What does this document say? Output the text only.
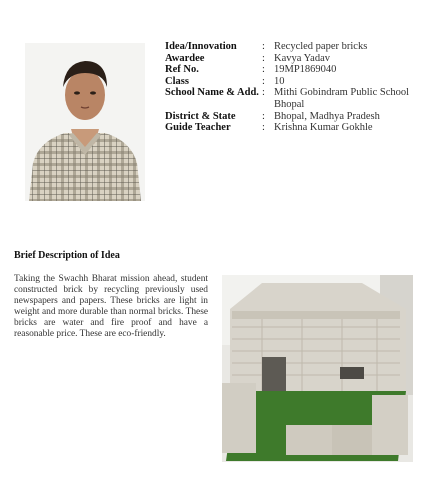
Idea/Innovation	: Recycled paper bricks
Awardee	: Kavya Yadav
Ref No.	: 19MP1869040
Class	: 10
School Name & Add. : Mithi Gobindram Public School Bhopal
District & State	: Bhopal, Madhya Pradesh
Guide Teacher	: Krishna Kumar Gokhle
Brief Description of Idea

Taking the Swachh Bharat mission ahead, student constructed brick by recycling previously used newspapers and papers. These bricks are light in weight and more durable than normal bricks. These bricks are water and fire proof and have a reasonable price. These are eco-friendly.
